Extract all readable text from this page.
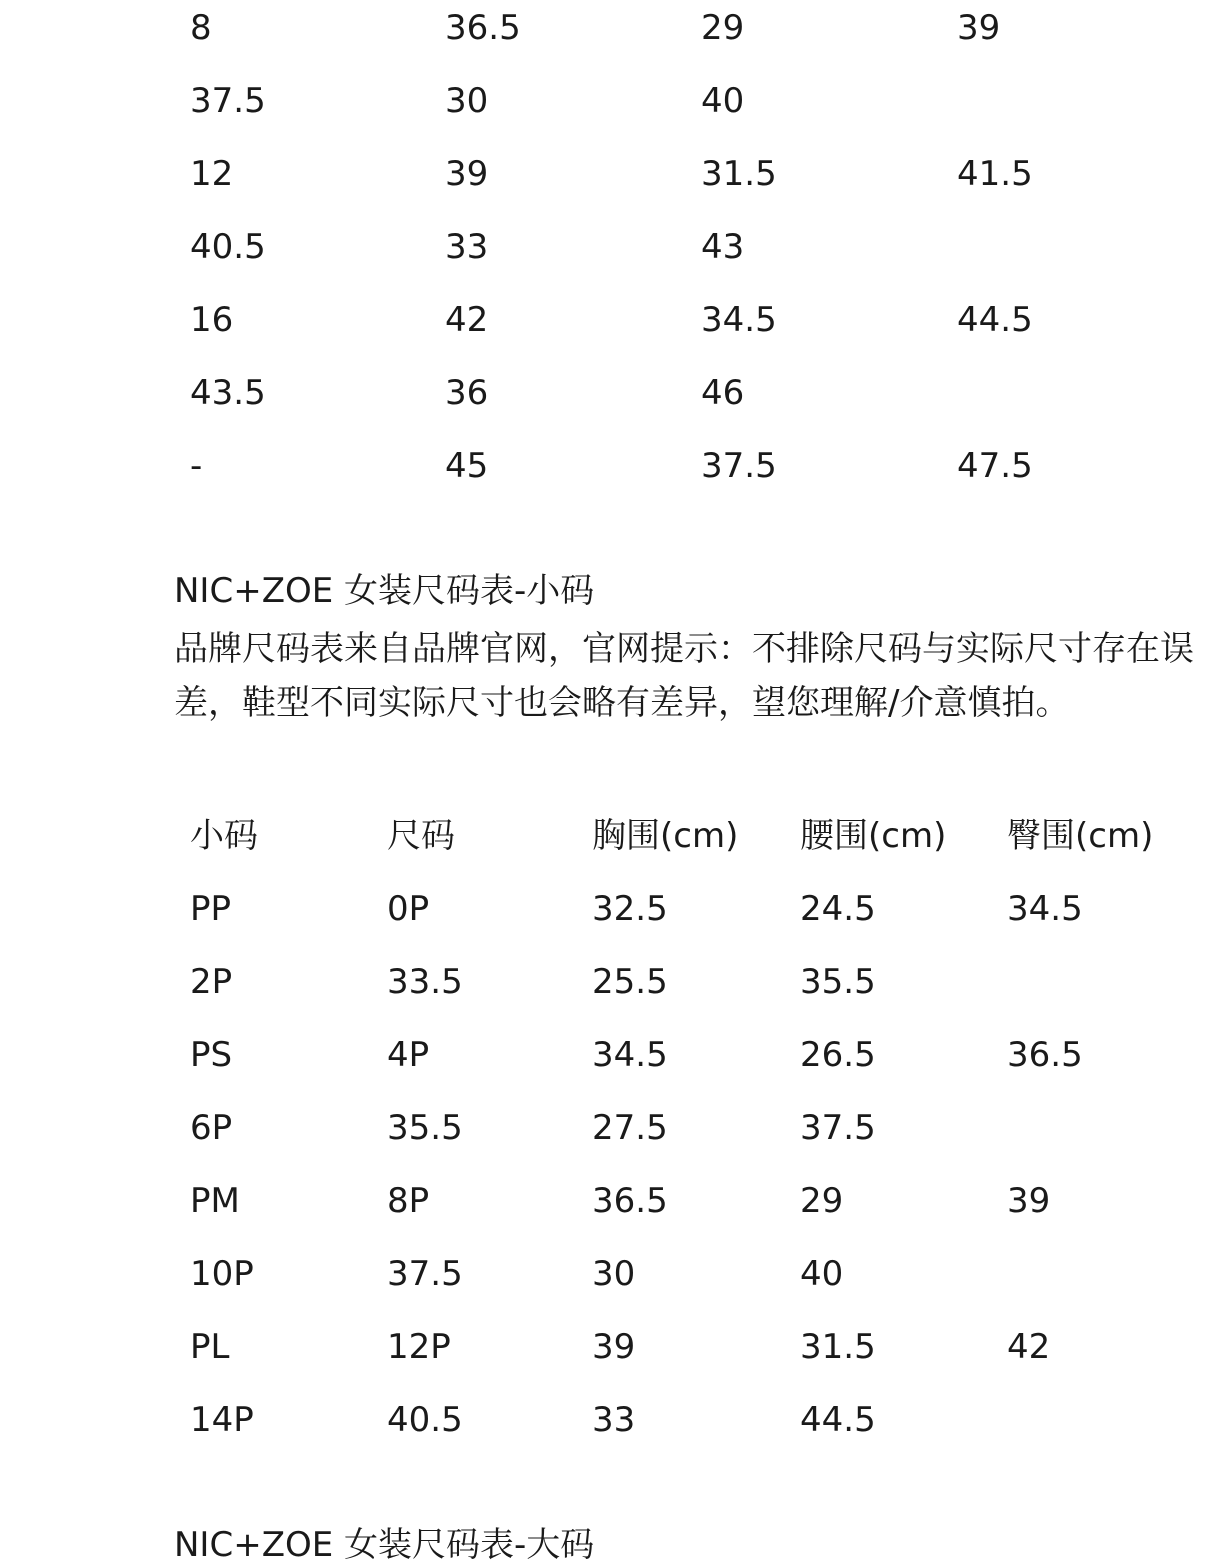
8	36.5	29	39
37.5	30	40
12	39	31.5	41.5
40.5	33	43
16	42	34.5	44.5
43.5	36	46
-	45	37.5	47.5
NIC+ZOE 女装尺码表-小码
品牌尺码表来自品牌官网，官网提示：不排除尺码与实际尺寸存在误差，鞋型不同实际尺寸也会略有差异，望您理解/介意慎拍。
小码	尺码	胸围(cm) 腰围(cm) 臀围(cm)
PP	0P	32.5	24.5	34.5
2P	33.5	25.5	35.5
PS	4P	34.5	26.5	36.5
6P	35.5	27.5	37.5
PM	8P	36.5	29	39
10P	37.5	30	40
PL	12P	39	31.5	42
14P	40.5	33	44.5
NIC+ZOE 女装尺码表-大码
